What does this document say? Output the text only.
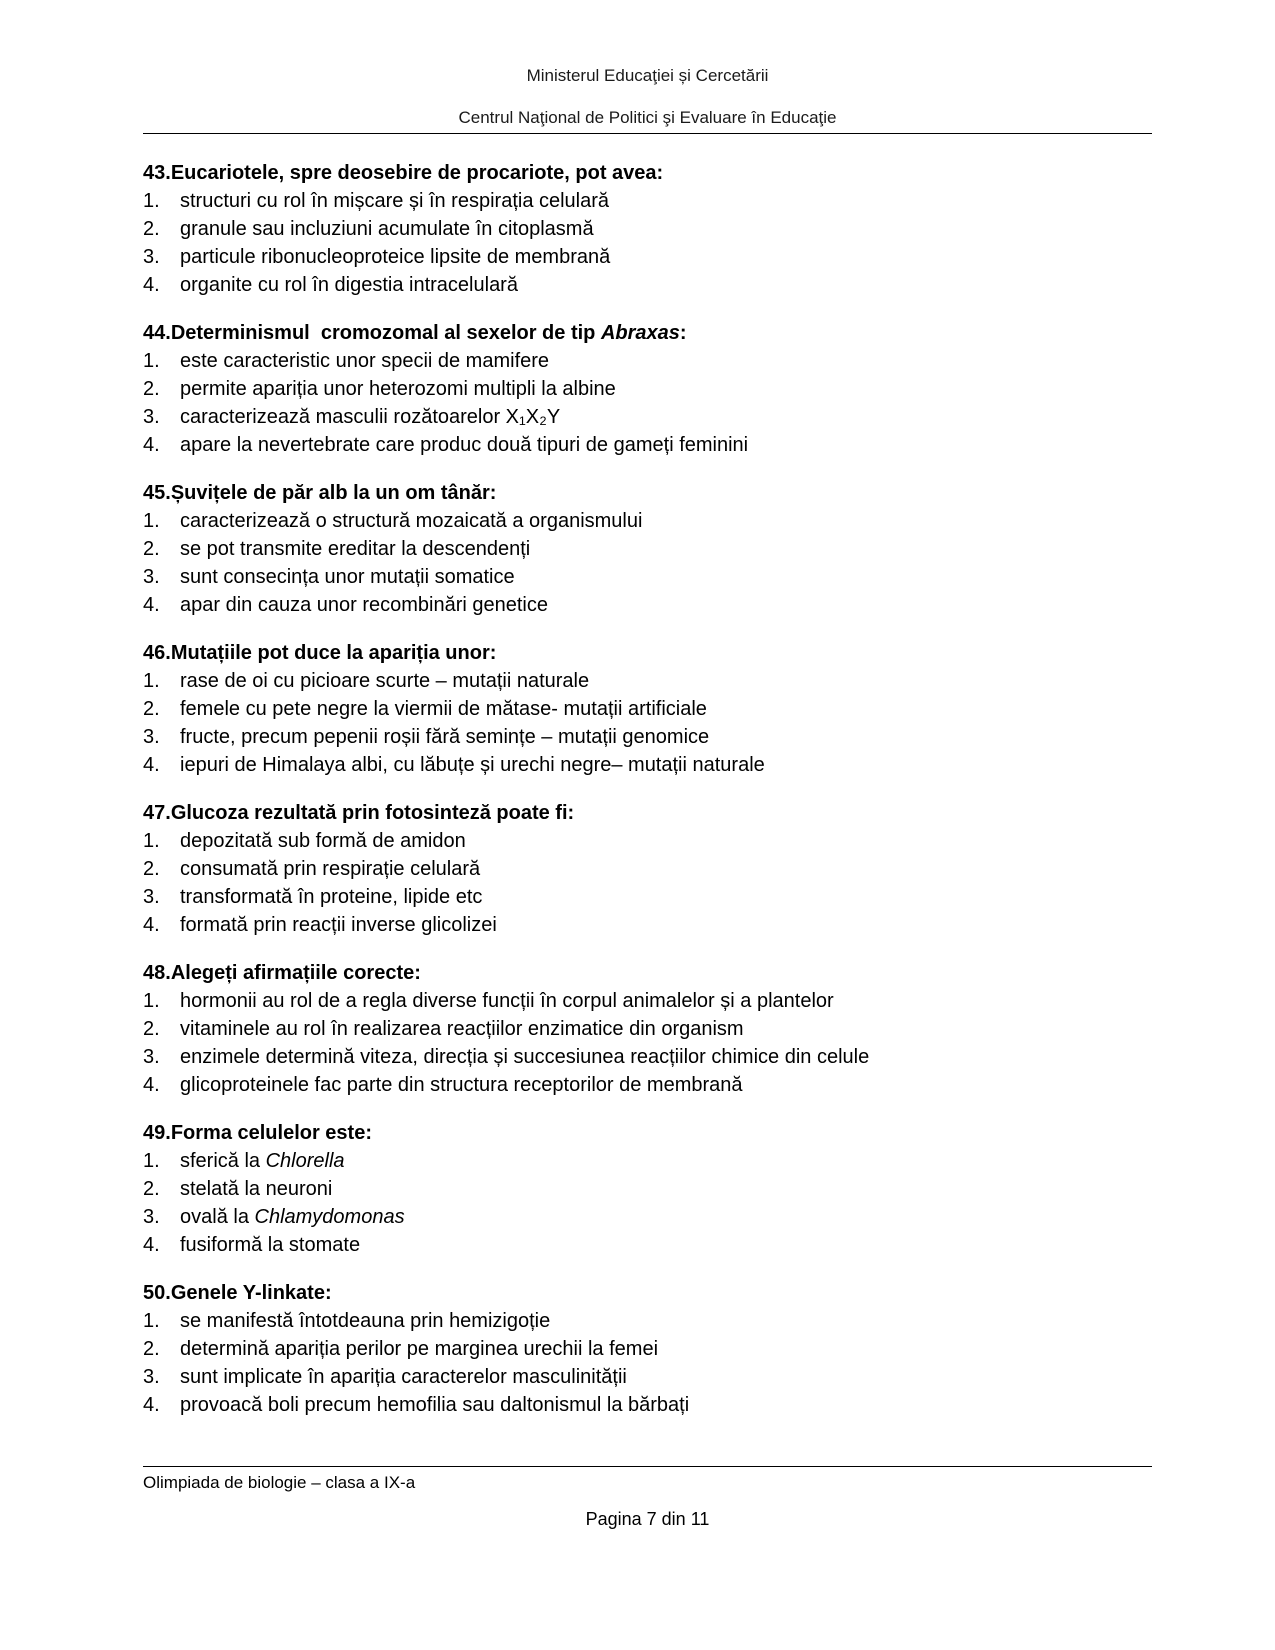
Ministerul Educaţiei și Cercetării
Centrul Naţional de Politici şi Evaluare în Educaţie
43.Eucariotele, spre deosebire de procariote, pot avea:
1.	structuri cu rol în mișcare și în respirația celulară
2.	granule sau incluziuni acumulate în citoplasmă
3.	particule ribonucleoproteice lipsite de membrană
4.	organite cu rol în digestia intracelulară
44.Determinismul  cromozomal al sexelor de tip Abraxas:
1.	este caracteristic unor specii de mamifere
2.	permite apariția unor heterozomi multipli la albine
3.	caracterizează masculii rozătoarelor X₁X₂Y
4.	apare la nevertebrate care produc două tipuri de gameți feminini
45.Șuvițele de păr alb la un om tânăr:
1.	caracterizează o structură mozaicată a organismului
2.	se pot transmite ereditar la descendenți
3.	sunt consecința unor mutații somatice
4.	apar din cauza unor recombinări genetice
46.Mutațiile pot duce la apariția unor:
1.	rase de oi cu picioare scurte – mutații naturale
2.	femele cu pete negre la viermii de mătase- mutații artificiale
3.	fructe, precum pepenii roșii fără semințe – mutații genomice
4.	iepuri de Himalaya albi, cu lăbuțe și urechi negre– mutații naturale
47.Glucoza rezultată prin fotosinteză poate fi:
1.	depozitată sub formă de amidon
2.	consumată prin respirație celulară
3.	transformată în proteine, lipide etc
4.	formată prin reacții inverse glicolizei
48.Alegeți afirmațiile corecte:
1.	hormonii au rol de a regla diverse funcții în corpul animalelor și a plantelor
2.	vitaminele au rol în realizarea reacțiilor enzimatice din organism
3.	enzimele determină viteza, direcția și succesiunea reacțiilor chimice din celule
4.	glicoproteinele fac parte din structura receptorilor de membrană
49.Forma celulelor este:
1.	sferică la Chlorella
2.	stelată la neuroni
3.	ovală la Chlamydomonas
4.	fusiformă la stomate
50.Genele Y-linkate:
1.	se manifestă întotdeauna prin hemizigoție
2.	determină apariția perilor pe marginea urechii la femei
3.	sunt implicate în apariția caracterelor masculinității
4.	provoacă boli precum hemofilia sau daltonismul la bărbați
Olimpiada de biologie – clasa a IX-a
Pagina 7 din 11
